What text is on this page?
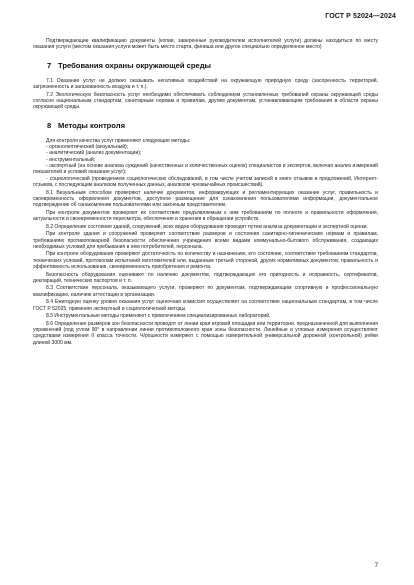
ГОСТ Р 52024—2024

Подтверждающие квалификацию документы (копии, заверенные руководителем исполнителей услуги) должны находиться по месту оказания услуги (местом оказания услуги может быть место старта, финиша или другое специально определенное место)

7 Требования охраны окружающей среды

7.1 Оказание услуг не должно оказывать негативных воздействий на окружающую природную среду (засоренность территорий, загрязненность и загазованность воздуха и т. п.).

7.2 Экологическую безопасность услуг необходимо обеспечивать соблюдением установленных требований охраны окружающей среды согласно национальным стандартам, санитарным нормам и правилам, другим документам, устанавливающим требования в области охраны окружающей среды.

8 Методы контроля

Для контроля качества услуг применяют следующие методы:

- органолептический (визуальный);

- аналитический (анализ документации);

- инструментальный;

- экспертный (на основе анализа суждений (качественных и количественных оценок) специалистов и экспертов, включая анализ измерений показателей и условий оказания услуг);

- социологический (проведением социологических обследований, в том числе учетом записей в книге отзывов и предложений, Интернет-отзывов, с последующим анализом полученных данных, анализом чрезвычайных происшествий).

8.1 Визуальным способом проверяют наличие документов, информирующих и регламентирующих оказание услуг, правильность и своевременность оформления документов, доступное размещение для ознакомления пользователями информации, документальное подтверждение об ознакомлении пользователями или законным представителем.

При контроле документов проверяют их соответствие предъявляемым к ним требованиям по полноте и правильности оформления, актуальности и своевременности пересмотра, обеспечения и хранения в обращении устройств.

8.2 Определение состояния зданий, сооружений, всех видов оборудования проводят путем анализа документации и экспертной оценки.

При контроле здания и сооружений проверяют соответствие размеров и состояния санитарно-гигиеническим нормам и правилам, требованиям противопожарной безопасности обеспечения учреждения всеми видами коммунально-бытового обслуживания, создающих необходимых условий для пребывания в нем потребителей, персонала.

При контроле оборудования проверяют достаточность по количеству и назначению, его состояние, соответствие требованиям стандартов, технических условий, протоколам испытаний изготовителей или, выданным третьей стороной, других нормативных документов; правильность и эффективность использования, своевременность приобретения и ремонта.

Безопасность оборудования оценивают по наличию документов, подтверждающих его пригодность и исправность, сертификатов, деклараций, технических паспортов и т. п.

8.3 Соответствие персонала, оказывающего услуги, проверяют по документам, подтверждающим спортивную и профессиональную квалификацию, наличию аттестации в организации.

8.4 Ежегодную оценку уровня оказания услуг оценочная комиссия осуществляет на соответствие национальным стандартам, в том числе ГОСТ Р 52025, применяя экспертный и социологический методы.

8.5 Инструментальные методы применяют с привлечением специализированных лабораторий.

8.6 Определение размеров зон безопасности проводят от линии края игровой площадки или территории, предназначенной для выполнения упражнений (под углом 90° в направлении линии противоположного края зоны безопасности. Линейные и угловые измерения осуществляют средствами измерения II класса точности. Ч/рошности измеряют с помощью измерительной универсальной дорожной (контрольной) рейки длиной 3000 мм.

7
